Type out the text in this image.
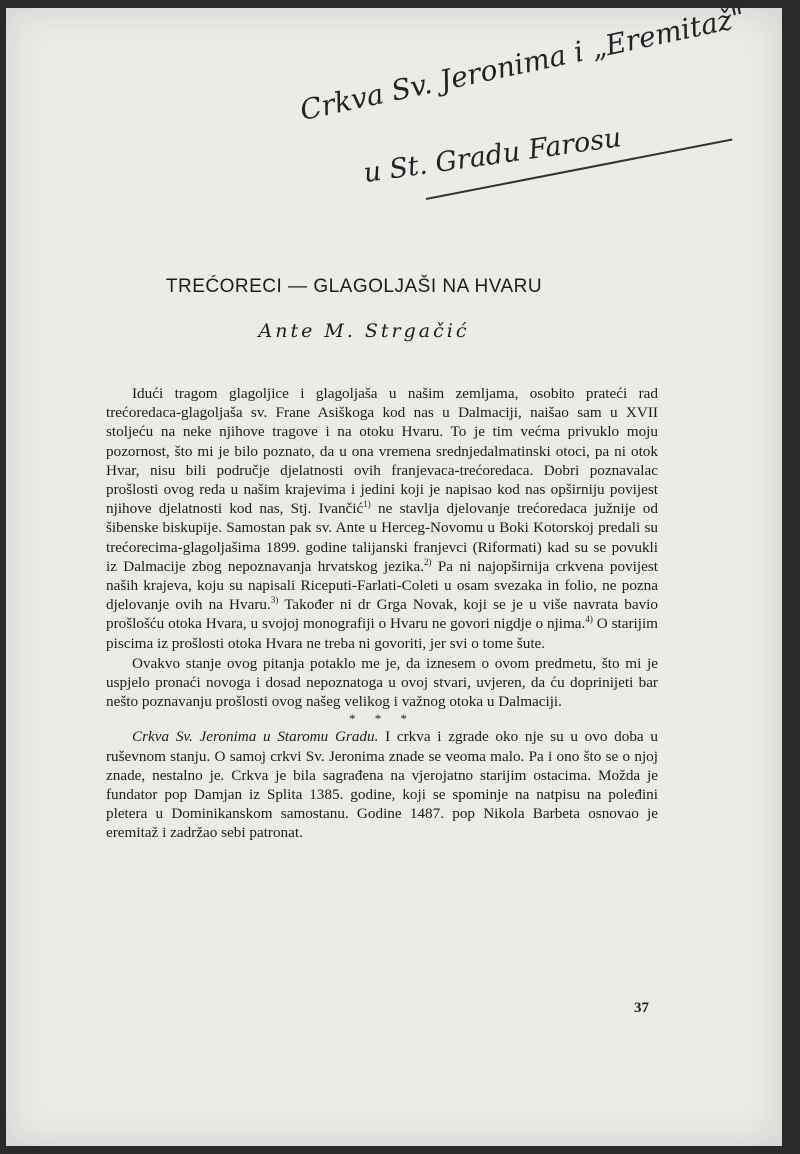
Crkva Sv. Jeronima i „Eremitaž"
u St. Gradu Farosu
TREĆORECI — GLAGOLJAŠI NA HVARU
Ante M. Strgačić

Idući tragom glagoljice i glagoljaša u našim zemljama, osobito prateći rad trećoredaca-glagoljaša sv. Frane Asiškoga kod nas u Dalmaciji, naišao sam u XVII stoljeću na neke njihove tragove i na otoku Hvaru. To je tim većma privuklo moju pozornost, što mi je bilo poznato, da u ona vremena srednjedalmatinski otoci, pa ni otok Hvar, nisu bili područje djelatnosti ovih franjevaca-trećoredaca. Dobri poznavalac prošlosti ovog reda u našim krajevima i jedini koji je napisao kod nas opširniju povijest njihove djelatnosti kod nas, Stj. Ivančić$^{1)}$ ne stavlja djelovanje trećoredaca južnije od šibenske biskupije. Samostan pak sv. Ante u Herceg-Novomu u Boki Kotorskoj predali su trećorecima-glagoljašima 1899. godine talijanski franjevci (Riformati) kad su se povukli iz Dalmacije zbog nepoznavanja hrvatskog jezika.$^{2)}$ Pa ni najopširnija crkvena povijest naših krajeva, koju su napisali Riceputi-Farlati-Coleti u osam svezaka in folio, ne pozna djelovanje ovih na Hvaru.$^{3)}$ Također ni dr Grga Novak, koji se je u više navrata bavio prošlošću otoka Hvara, u svojoj monografiji o Hvaru ne govori nigdje o njima.$^{4)}$ O starijim piscima iz prošlosti otoka Hvara ne treba ni govoriti, jer svi o tome šute.

Ovakvo stanje ovog pitanja potaklo me je, da iznesem o ovom predmetu, što mi je uspjelo pronaći novoga i dosad nepoznatoga u ovoj stvari, uvjeren, da ću doprinijeti bar nešto poznavanju prošlosti ovog našeg velikog i važnog otoka u Dalmaciji.

* * *

Crkva Sv. Jeronima u Staromu Gradu. I crkva i zgrade oko nje su u ovo doba u ruševnom stanju. O samoj crkvi Sv. Jeronima znade se veoma malo. Pa i ono što se o njoj znade, nestalno je. Crkva je bila sagrađena na vjerojatno starijim ostacima. Možda je fundator pop Damjan iz Splita 1385. godine, koji se spominje na natpisu na poleđini pletera u Dominikanskom samostanu. Godine 1487. pop Nikola Barbeta osnovao je eremitaž i zadržao sebi patronat.

37
